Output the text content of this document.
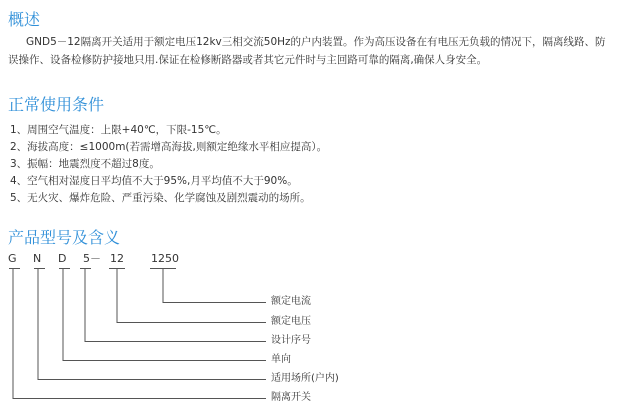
概述
GND5－12隔离开关适用于额定电压12kv三相交流50Hz的户内装置。作为高压设备在有电压无负载的情况下，隔离线路、防误操作、设备检修防护接地只用.保证在检修断路器或者其它元件时与主回路可靠的隔离,确保人身安全。
正常使用条件
1、周围空气温度：上限+40℃，下限-15℃。
2、海拔高度：≤1000m(若需增高海拔,则额定绝缘水平相应提高）。
3、振幅：地震烈度不超过8度。
4、空气相对湿度日平均值不大于95%,月平均值不大于90%。
5、无火灾、爆炸危险、严重污染、化学腐蚀及剧烈震动的场所。
产品型号及含义
G N D 5 － 12 1250
额定电流
额定电压
设计序号
单向
适用场所(户内)
隔离开关
